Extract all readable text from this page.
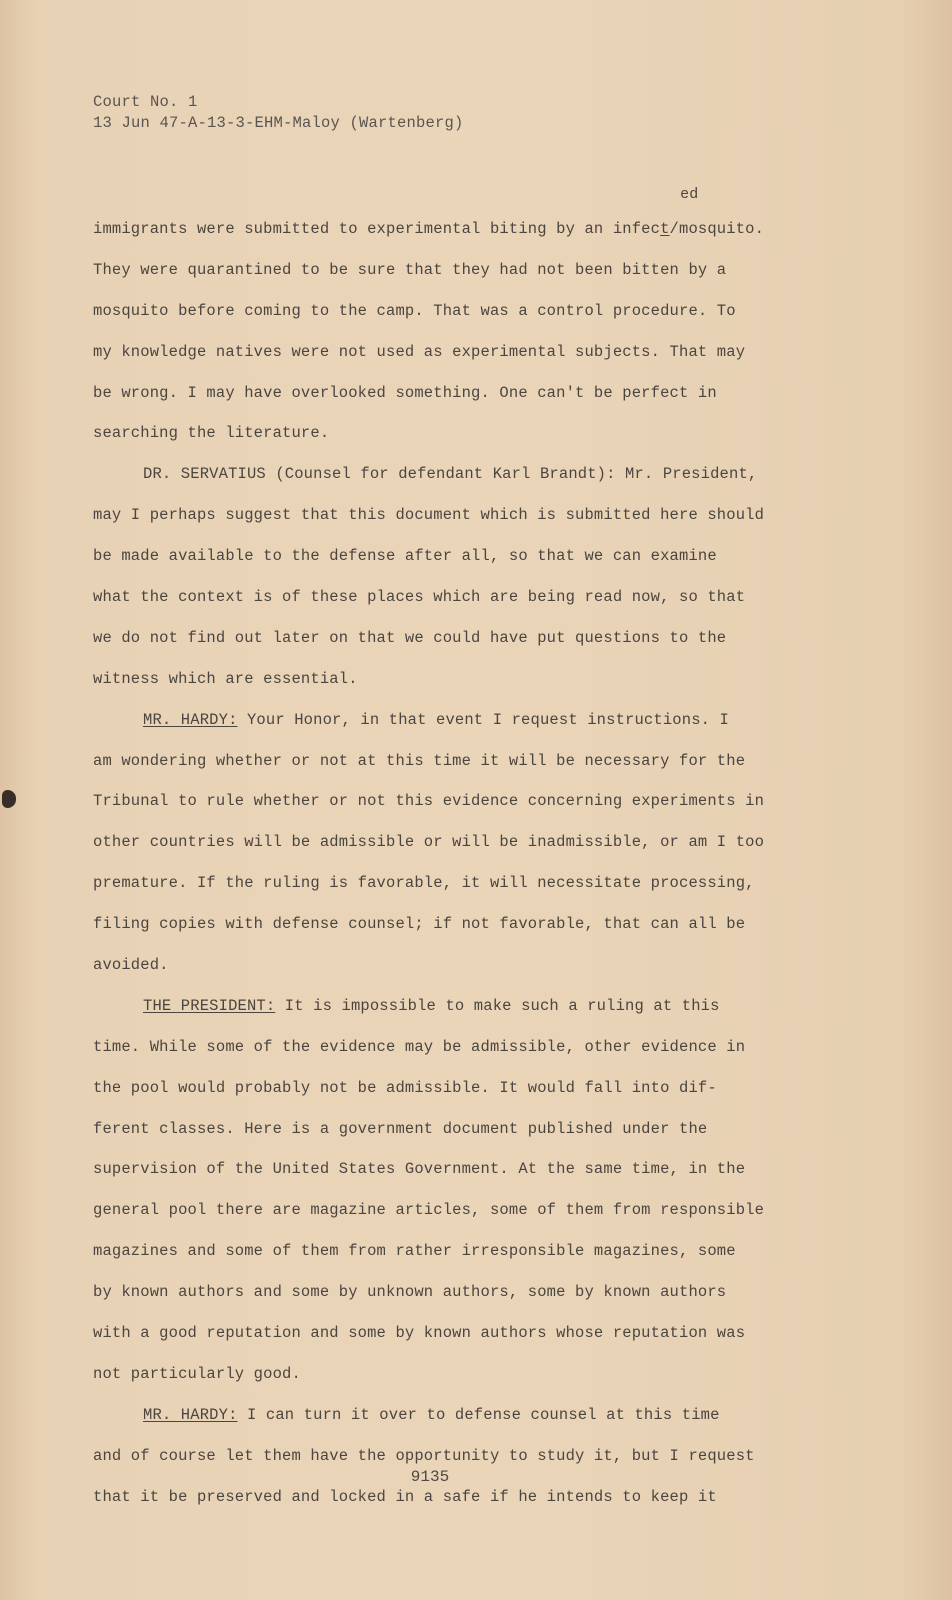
Court No. 1
13 Jun 47-A-13-3-EHM-Maloy (Wartenberg)
immigrants were submitted to experimental biting by an infect
ed
/mosquito.
They were quarantined to be sure that they had not been bitten by a
mosquito before coming to the camp. That was a control procedure. To
my knowledge natives were not used as experimental subjects. That may
be wrong. I may have overlooked something. One can't be perfect in
searching the literature.
DR. SERVATIUS (Counsel for defendant Karl Brandt): Mr. President,
may I perhaps suggest that this document which is submitted here should
be made available to the defense after all, so that we can examine
what the context is of these places which are being read now, so that
we do not find out later on that we could have put questions to the
witness which are essential.
MR. HARDY: Your Honor, in that event I request instructions. I
am wondering whether or not at this time it will be necessary for the
Tribunal to rule whether or not this evidence concerning experiments in
other countries will be admissible or will be inadmissible, or am I too
premature. If the ruling is favorable, it will necessitate processing,
filing copies with defense counsel; if not favorable, that can all be
avoided.
THE PRESIDENT: It is impossible to make such a ruling at this
time. While some of the evidence may be admissible, other evidence in
the pool would probably not be admissible. It would fall into dif-
ferent classes. Here is a government document published under the
supervision of the United States Government. At the same time, in the
general pool there are magazine articles, some of them from responsible
magazines and some of them from rather irresponsible magazines, some
by known authors and some by unknown authors, some by known authors
with a good reputation and some by known authors whose reputation was
not particularly good.
MR. HARDY: I can turn it over to defense counsel at this time
and of course let them have the opportunity to study it, but I request
that it be preserved and locked in a safe if he intends to keep it
9135
